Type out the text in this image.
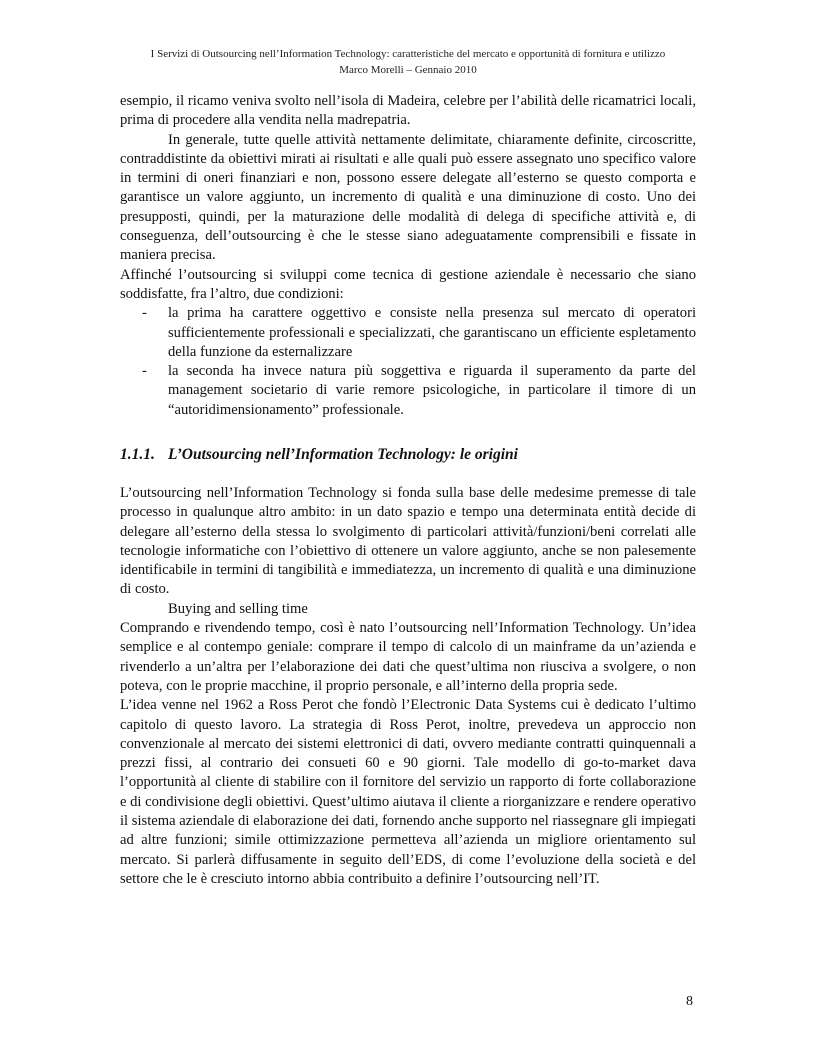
I Servizi di Outsourcing nell’Information Technology: caratteristiche del mercato e opportunità di fornitura e utilizzo
Marco Morelli – Gennaio 2010

esempio, il ricamo veniva svolto nell’isola di Madeira, celebre per l’abilità delle ricamatrici locali, prima di procedere alla vendita nella madrepatria.

In generale, tutte quelle attività nettamente delimitate, chiaramente definite, circoscritte, contraddistinte da obiettivi mirati ai risultati e alle quali può essere assegnato uno specifico valore in termini di oneri finanziari e non, possono essere delegate all’esterno se questo comporta e garantisce un valore aggiunto, un incremento di qualità e una diminuzione di costo. Uno dei presupposti, quindi, per la maturazione delle modalità di delega di specifiche attività e, di conseguenza, dell’outsourcing è che le stesse siano adeguatamente comprensibili e fissate in maniera precisa.

Affinché l’outsourcing si sviluppi come tecnica di gestione aziendale è necessario che siano soddisfatte, fra l’altro, due condizioni:

- la prima ha carattere oggettivo e consiste nella presenza sul mercato di operatori sufficientemente professionali e specializzati, che garantiscano un efficiente espletamento della funzione da esternalizzare
- la seconda ha invece natura più soggettiva e riguarda il superamento da parte del management societario di varie remore psicologiche, in particolare il timore di un “autoridimensionamento” professionale.
1.1.1. L’Outsourcing nell’Information Technology: le origini

L’outsourcing nell’Information Technology si fonda sulla base delle medesime premesse di tale processo in qualunque altro ambito: in un dato spazio e tempo una determinata entità decide di delegare all’esterno della stessa lo svolgimento di particolari attività/funzioni/beni correlati alle tecnologie informatiche con l’obiettivo di ottenere un valore aggiunto, anche se non palesemente identificabile in termini di tangibilità e immediatezza, un incremento di qualità e una diminuzione di costo.

Buying and selling time

Comprando e rivendendo tempo, così è nato l’outsourcing nell’Information Technology. Un’idea semplice e al contempo geniale: comprare il tempo di calcolo di un mainframe da un’azienda e rivenderlo a un’altra per l’elaborazione dei dati che quest’ultima non riusciva a svolgere, o non poteva, con le proprie macchine, il proprio personale, e all’interno della propria sede.

L’idea venne nel 1962 a Ross Perot che fondò l’Electronic Data Systems cui è dedicato l’ultimo capitolo di questo lavoro. La strategia di Ross Perot, inoltre, prevedeva un approccio non convenzionale al mercato dei sistemi elettronici di dati, ovvero mediante contratti quinquennali a prezzi fissi, al contrario dei consueti 60 e 90 giorni. Tale modello di go-to-market dava l’opportunità al cliente di stabilire con il fornitore del servizio un rapporto di forte collaborazione e di condivisione degli obiettivi. Quest’ultimo aiutava il cliente a riorganizzare e rendere operativo il sistema aziendale di elaborazione dei dati, fornendo anche supporto nel riassegnare gli impiegati ad altre funzioni; simile ottimizzazione permetteva all’azienda un migliore orientamento sul mercato. Si parlerà diffusamente in seguito dell’EDS, di come l’evoluzione della società e del settore che le è cresciuto intorno abbia contribuito a definire l’outsourcing nell’IT.

8
